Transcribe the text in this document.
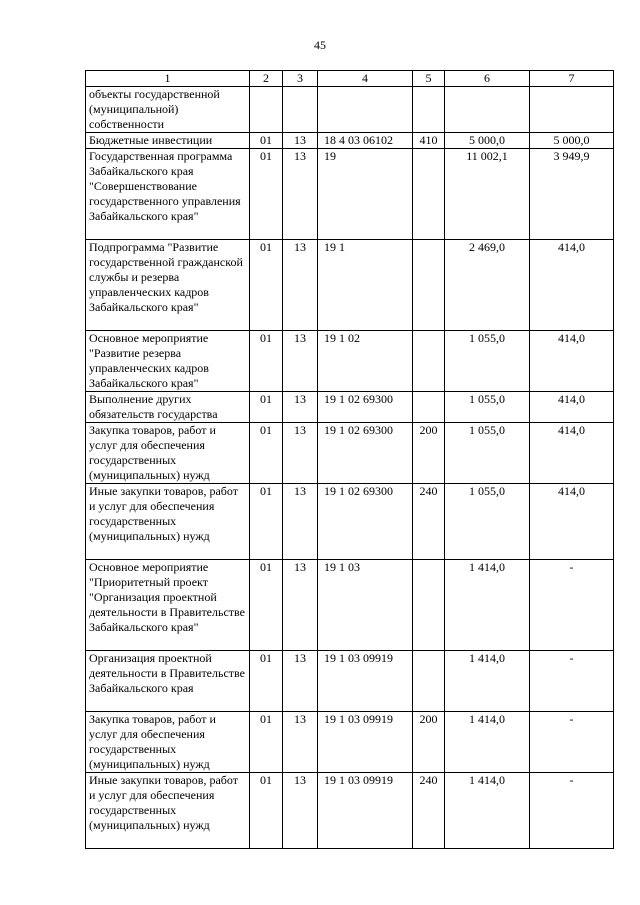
45
1	2	3	4	5	6	7
объекты государственной (муниципальной) собственности						
Бюджетные инвестиции	01	13	18 4 03 06102	410	5 000,0	5 000,0
Государственная программа Забайкальского края "Совершенствование государственного управления Забайкальского края"	01	13	19		11 002,1	3 949,9
Подпрограмма "Развитие государственной гражданской службы и резерва управленческих кадров Забайкальского края"	01	13	19 1		2 469,0	414,0
Основное мероприятие "Развитие резерва управленческих кадров Забайкальского края"	01	13	19 1 02		1 055,0	414,0
Выполнение других обязательств государства	01	13	19 1 02 69300		1 055,0	414,0
Закупка товаров, работ и услуг для обеспечения государственных (муниципальных) нужд	01	13	19 1 02 69300	200	1 055,0	414,0
Иные закупки товаров, работ и услуг для обеспечения государственных (муниципальных) нужд	01	13	19 1 02 69300	240	1 055,0	414,0
Основное мероприятие "Приоритетный проект "Организация проектной деятельности в Правительстве Забайкальского края"	01	13	19 1 03		1 414,0	-
Организация проектной деятельности в Правительстве Забайкальского края	01	13	19 1 03 09919		1 414,0	-
Закупка товаров, работ и услуг для обеспечения государственных (муниципальных) нужд	01	13	19 1 03 09919	200	1 414,0	-
Иные закупки товаров, работ и услуг для обеспечения государственных (муниципальных) нужд	01	13	19 1 03 09919	240	1 414,0	-
